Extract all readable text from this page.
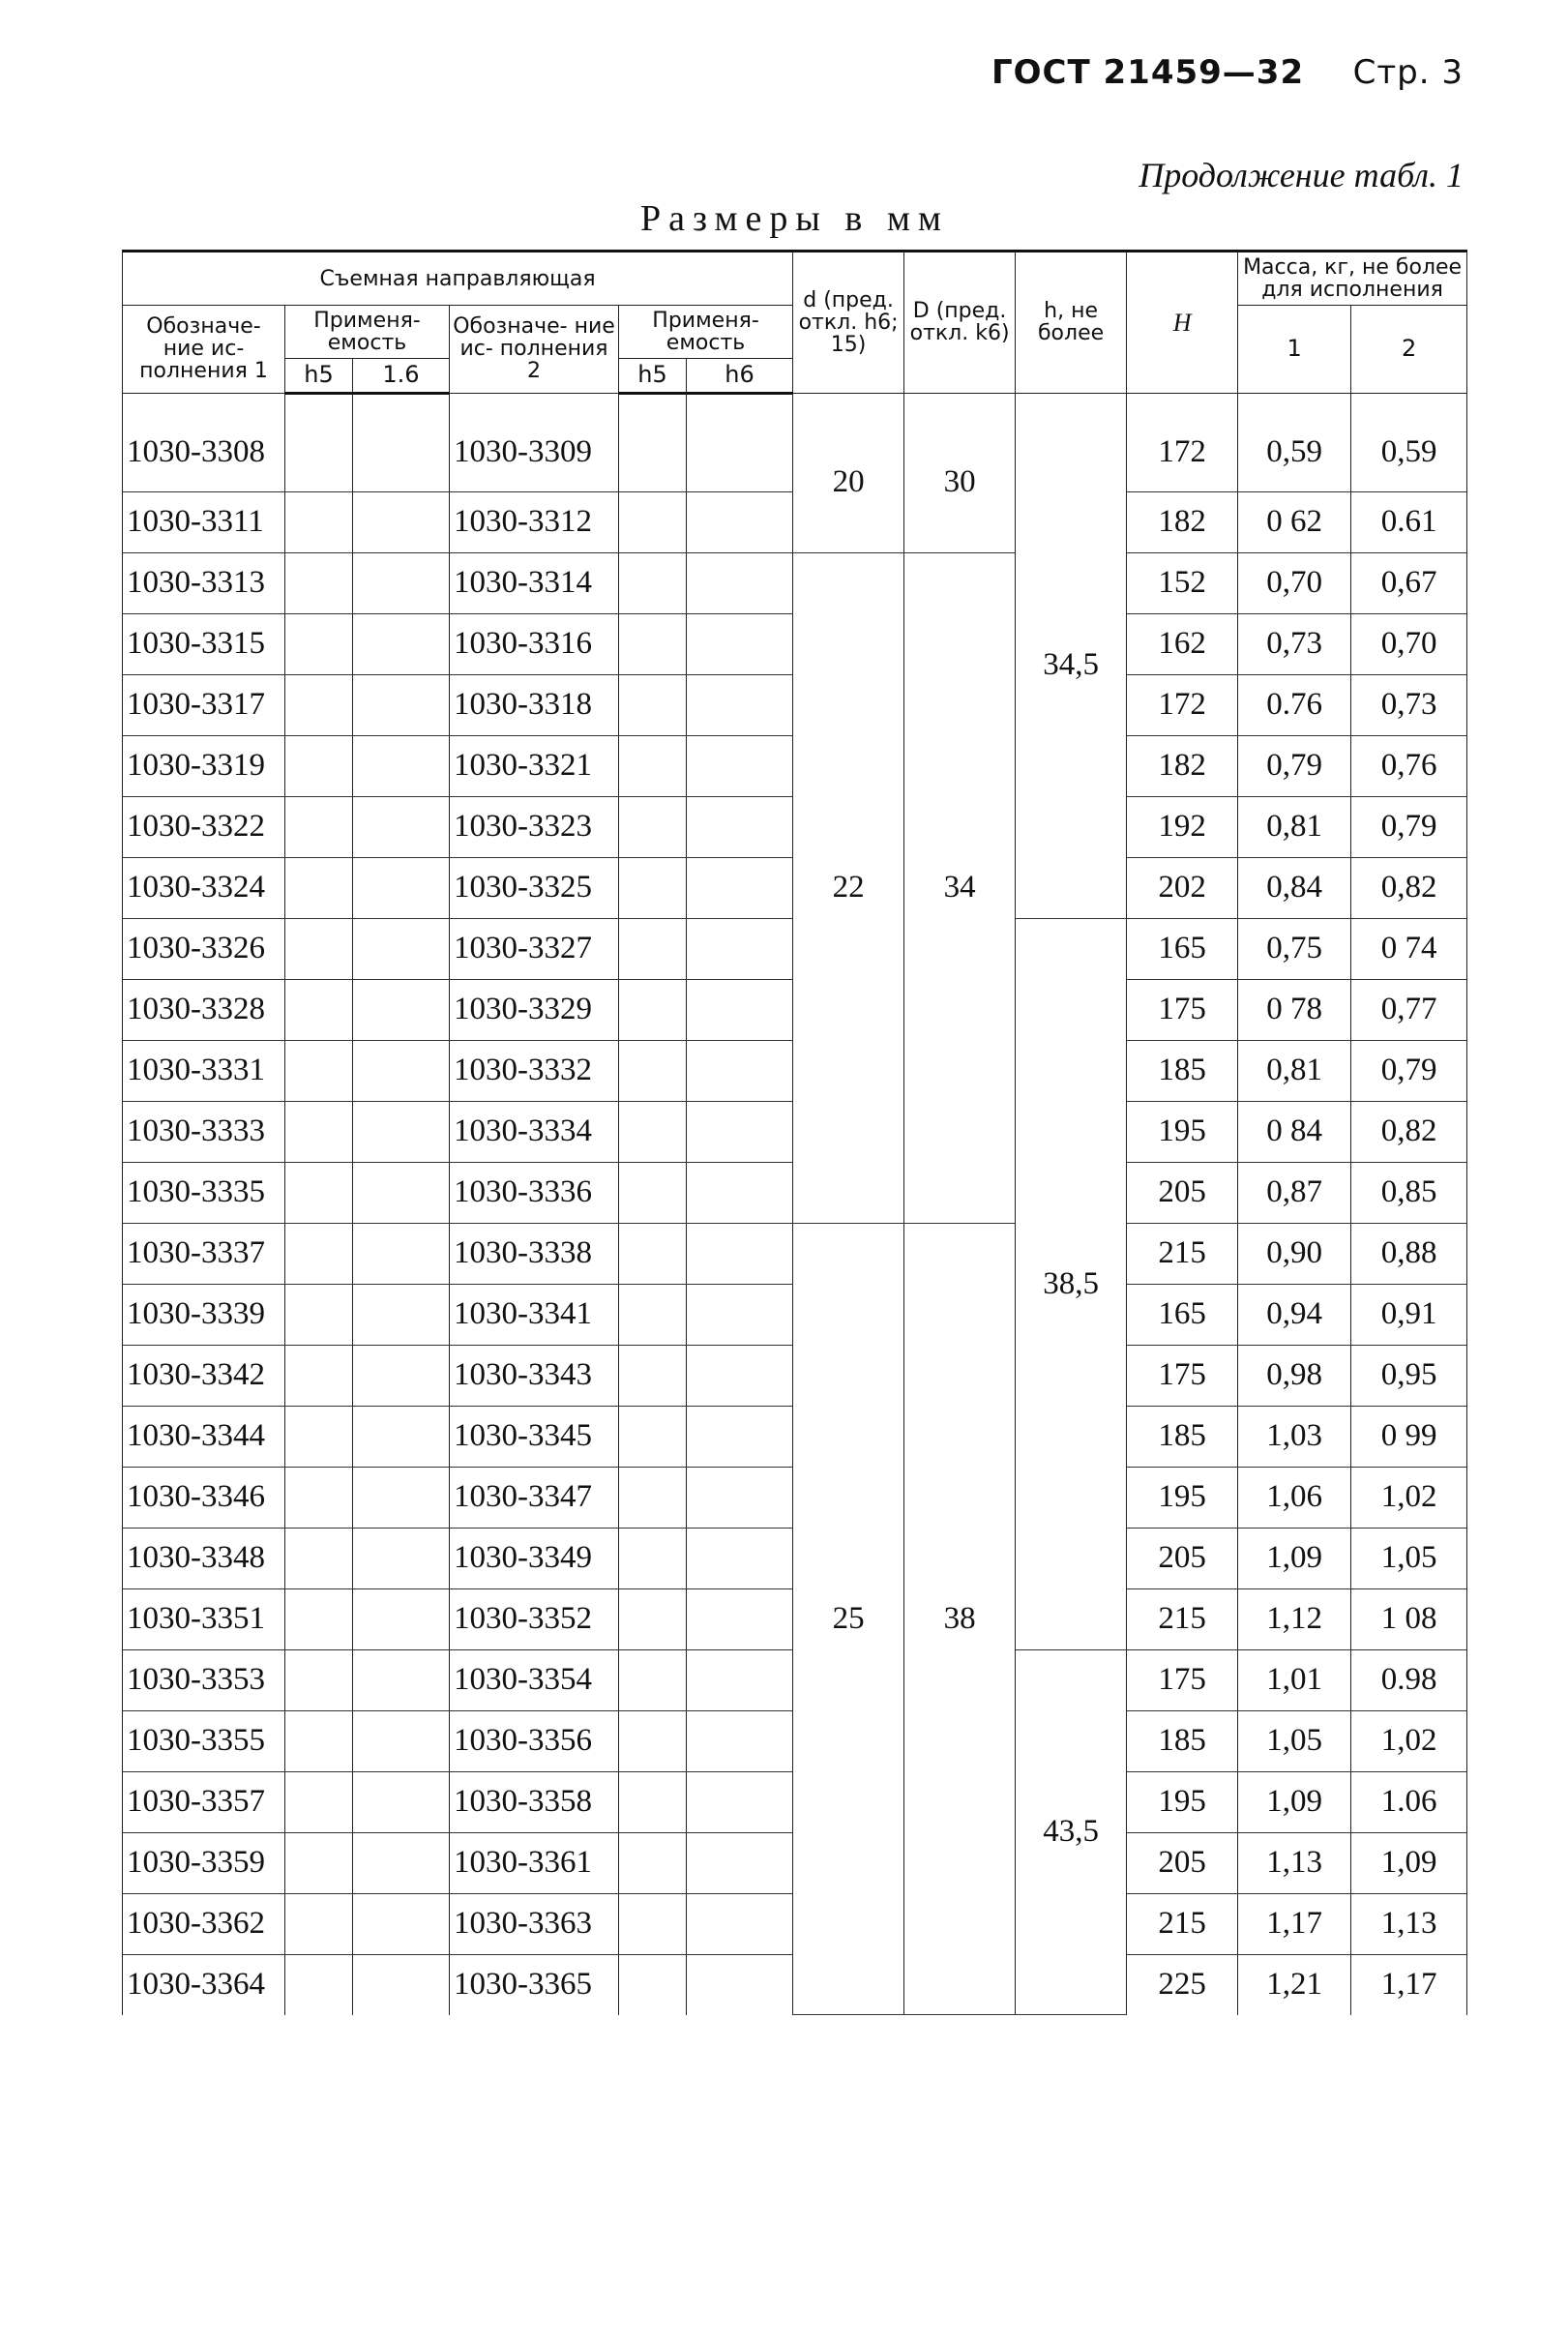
ГОСТ 21459—32 Стр. 3
Продолжение табл. 1
Размеры в мм
Съемная направляющая						d (пред. откл. h6; 15)	D (пред. откл. k6)	h, не более	H	Масса, кг, не более для исполнения	
Обозначе- ние ис- полнения 1	Применя- емость		Обозначе- ние ис- полнения 2	Применя- емость						1	2
	h5	1.6		h5	h6						
1030-3308			1030-3309			20	30	34,5	172	0,59	0,59
1030-3311			1030-3312						182	0 62	0.61
1030-3313			1030-3314			22	34		152	0,70	0,67
1030-3315			1030-3316						162	0,73	0,70
1030-3317			1030-3318						172	0.76	0,73
1030-3319			1030-3321						182	0,79	0,76
1030-3322			1030-3323						192	0,81	0,79
1030-3324			1030-3325						202	0,84	0,82
1030-3326			1030-3327					38,5	165	0,75	0 74
1030-3328			1030-3329						175	0 78	0,77
1030-3331			1030-3332						185	0,81	0,79
1030-3333			1030-3334						195	0 84	0,82
1030-3335			1030-3336						205	0,87	0,85
1030-3337			1030-3338			25	38		215	0,90	0,88
1030-3339			1030-3341						165	0,94	0,91
1030-3342			1030-3343						175	0,98	0,95
1030-3344			1030-3345						185	1,03	0 99
1030-3346			1030-3347						195	1,06	1,02
1030-3348			1030-3349						205	1,09	1,05
1030-3351			1030-3352						215	1,12	1 08
1030-3353			1030-3354					43,5	175	1,01	0.98
1030-3355			1030-3356						185	1,05	1,02
1030-3357			1030-3358						195	1,09	1.06
1030-3359			1030-3361						205	1,13	1,09
1030-3362			1030-3363						215	1,17	1,13
1030-3364			1030-3365						225	1,21	1,17
